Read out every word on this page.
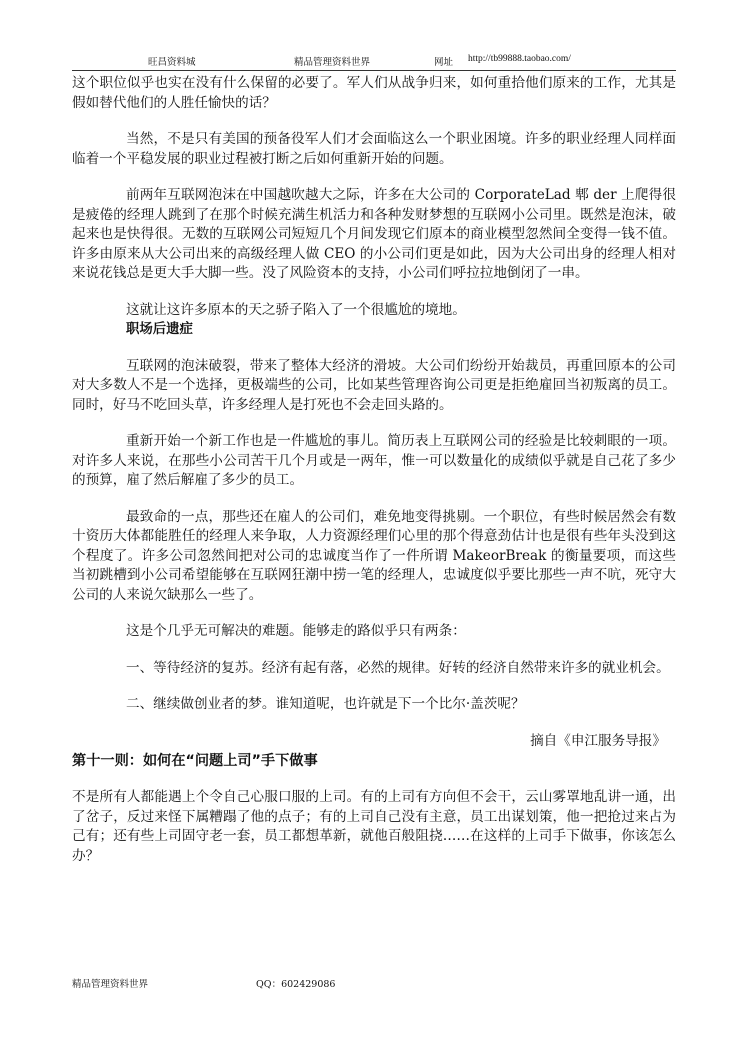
旺昌资料城	精品管理资料世界	网址 http://tb99888.taobao.com/

这个职位似乎也实在没有什么保留的必要了。军人们从战争归来，如何重拾他们原来的工作，尤其是假如替代他们的人胜任愉快的话？

当然，不是只有美国的预备役军人们才会面临这么一个职业困境。许多的职业经理人同样面临着一个平稳发展的职业过程被打断之后如何重新开始的问题。

前两年互联网泡沫在中国越吹越大之际，许多在大公司的 CorporateLad 郫 der 上爬得很是疲倦的经理人跳到了在那个时候充满生机活力和各种发财梦想的互联网小公司里。既然是泡沫，破起来也是快得很。无数的互联网公司短短几个月间发现它们原本的商业模型忽然间全变得一钱不值。许多由原来从大公司出来的高级经理人做 CEO 的小公司们更是如此，因为大公司出身的经理人相对来说花钱总是更大手大脚一些。没了风险资本的支持，小公司们呼拉拉地倒闭了一串。

这就让这许多原本的天之骄子陷入了一个很尴尬的境地。

职场后遗症

互联网的泡沫破裂，带来了整体大经济的滑坡。大公司们纷纷开始裁员，再重回原本的公司对大多数人不是一个选择，更极端些的公司，比如某些管理咨询公司更是拒绝雇回当初叛离的员工。同时，好马不吃回头草，许多经理人是打死也不会走回头路的。

重新开始一个新工作也是一件尴尬的事儿。简历表上互联网公司的经验是比较刺眼的一项。对许多人来说，在那些小公司苦干几个月或是一两年，惟一可以数量化的成绩似乎就是自己花了多少的预算，雇了然后解雇了多少的员工。

最致命的一点，那些还在雇人的公司们，难免地变得挑剔。一个职位，有些时候居然会有数十资历大体都能胜任的经理人来争取，人力资源经理们心里的那个得意劲估计也是很有些年头没到这个程度了。许多公司忽然间把对公司的忠诚度当作了一件所谓 MakeorBreak 的衡量要项，而这些当初跳槽到小公司希望能够在互联网狂潮中捞一笔的经理人，忠诚度似乎要比那些一声不吭，死守大公司的人来说欠缺那么一些了。

这是个几乎无可解决的难题。能够走的路似乎只有两条：

一、等待经济的复苏。经济有起有落，必然的规律。好转的经济自然带来许多的就业机会。

二、继续做创业者的梦。谁知道呢，也许就是下一个比尔·盖茨呢？

摘自《申江服务导报》

第十一则：如何在“问题上司”手下做事

不是所有人都能遇上个令自己心服口服的上司。有的上司有方向但不会干，云山雾罩地乱讲一通，出了岔子，反过来怪下属糟蹋了他的点子；有的上司自己没有主意，员工出谋划策，他一把抢过来占为己有；还有些上司固守老一套，员工都想革新，就他百般阻挠……在这样的上司手下做事，你该怎么办？

精品管理资料世界	QQ：602429086
